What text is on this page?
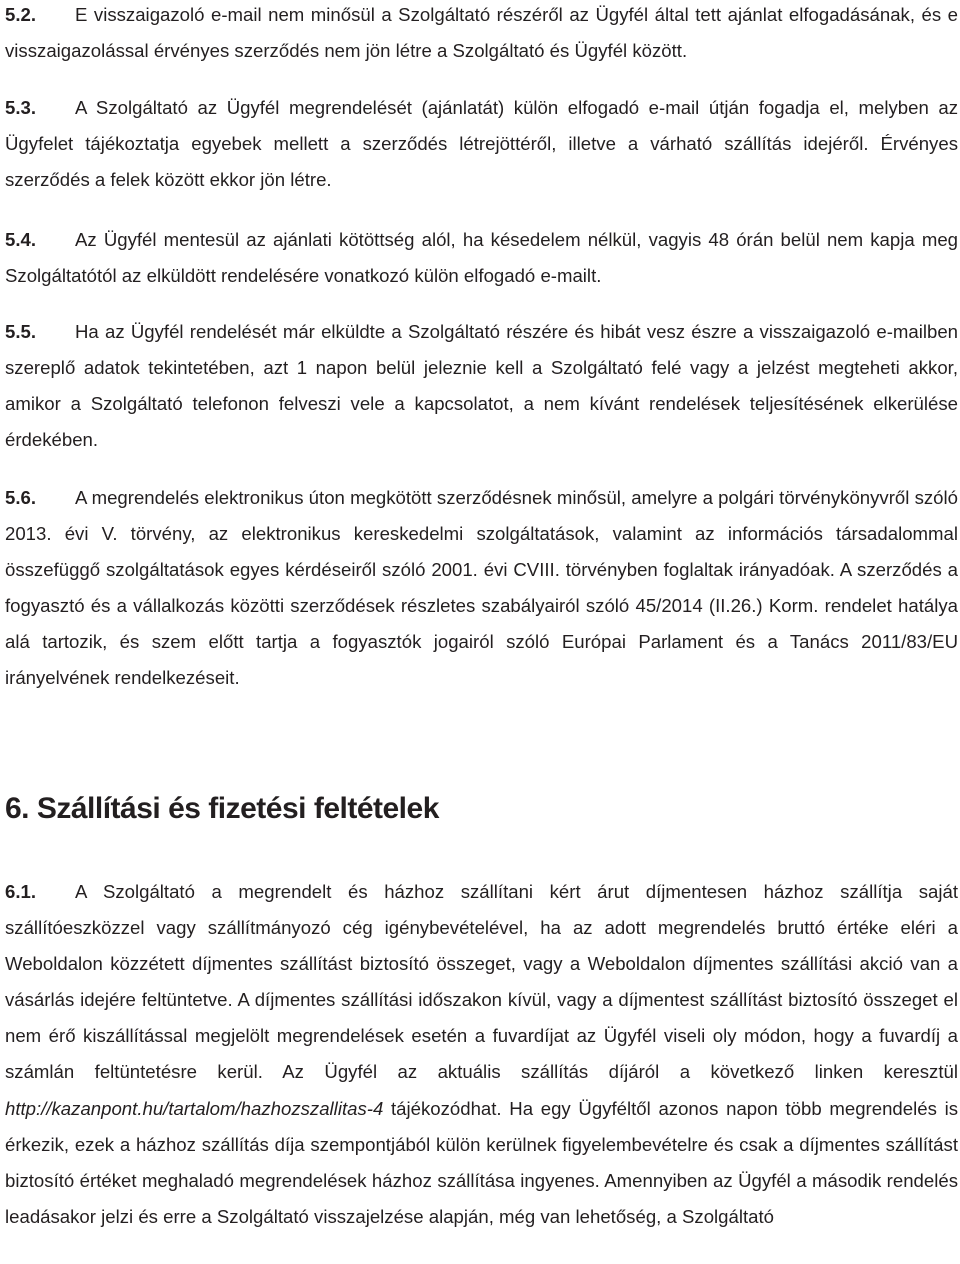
5.2. E visszaigazoló e-mail nem minősül a Szolgáltató részéről az Ügyfél által tett ajánlat elfogadásának, és e visszaigazolással érvényes szerződés nem jön létre a Szolgáltató és Ügyfél között.

5.3. A Szolgáltató az Ügyfél megrendelését (ajánlatát) külön elfogadó e-mail útján fogadja el, melyben az Ügyfelet tájékoztatja egyebek mellett a szerződés létrejöttéről, illetve a várható szállítás idejéről. Érvényes szerződés a felek között ekkor jön létre.

5.4. Az Ügyfél mentesül az ajánlati kötöttség alól, ha késedelem nélkül, vagyis 48 órán belül nem kapja meg Szolgáltatótól az elküldött rendelésére vonatkozó külön elfogadó e-mailt.

5.5. Ha az Ügyfél rendelését már elküldte a Szolgáltató részére és hibát vesz észre a visszaigazoló e-mailben szereplő adatok tekintetében, azt 1 napon belül jeleznie kell a Szolgáltató felé vagy a jelzést megteheti akkor, amikor a Szolgáltató telefonon felveszi vele a kapcsolatot, a nem kívánt rendelések teljesítésének elkerülése érdekében.

5.6. A megrendelés elektronikus úton megkötött szerződésnek minősül, amelyre a polgári törvénykönyvről szóló 2013. évi V. törvény, az elektronikus kereskedelmi szolgáltatások, valamint az információs társadalommal összefüggő szolgáltatások egyes kérdéseiről szóló 2001. évi CVIII. törvényben foglaltak irányadóak. A szerződés a fogyasztó és a vállalkozás közötti szerződések részletes szabályairól szóló 45/2014 (II.26.) Korm. rendelet hatálya alá tartozik, és szem előtt tartja a fogyasztók jogairól szóló Európai Parlament és a Tanács 2011/83/EU irányelvének rendelkezéseit.

6. Szállítási és fizetési feltételek

6.1. A Szolgáltató a megrendelt és házhoz szállítani kért árut díjmentesen házhoz szállítja saját szállítóeszközzel vagy szállítmányozó cég igénybevételével, ha az adott megrendelés bruttó értéke eléri a Weboldalon közzétett díjmentes szállítást biztosító összeget, vagy a Weboldalon díjmentes szállítási akció van a vásárlás idejére feltüntetve. A díjmentes szállítási időszakon kívül, vagy a díjmentest szállítást biztosító összeget el nem érő kiszállítással megjelölt megrendelések esetén a fuvardíjat az Ügyfél viseli oly módon, hogy a fuvardíj a számlán feltüntetésre kerül. Az Ügyfél az aktuális szállítás díjáról a következő linken keresztül http://kazanpont.hu/tartalom/hazhozszallitas-4 tájékozódhat. Ha egy Ügyféltől azonos napon több megrendelés is érkezik, ezek a házhoz szállítás díja szempontjából külön kerülnek figyelembevételre és csak a díjmentes szállítást biztosító értéket meghaladó megrendelések házhoz szállítása ingyenes. Amennyiben az Ügyfél a második rendelés leadásakor jelzi és erre a Szolgáltató visszajelzése alapján, még van lehetőség, a Szolgáltató
